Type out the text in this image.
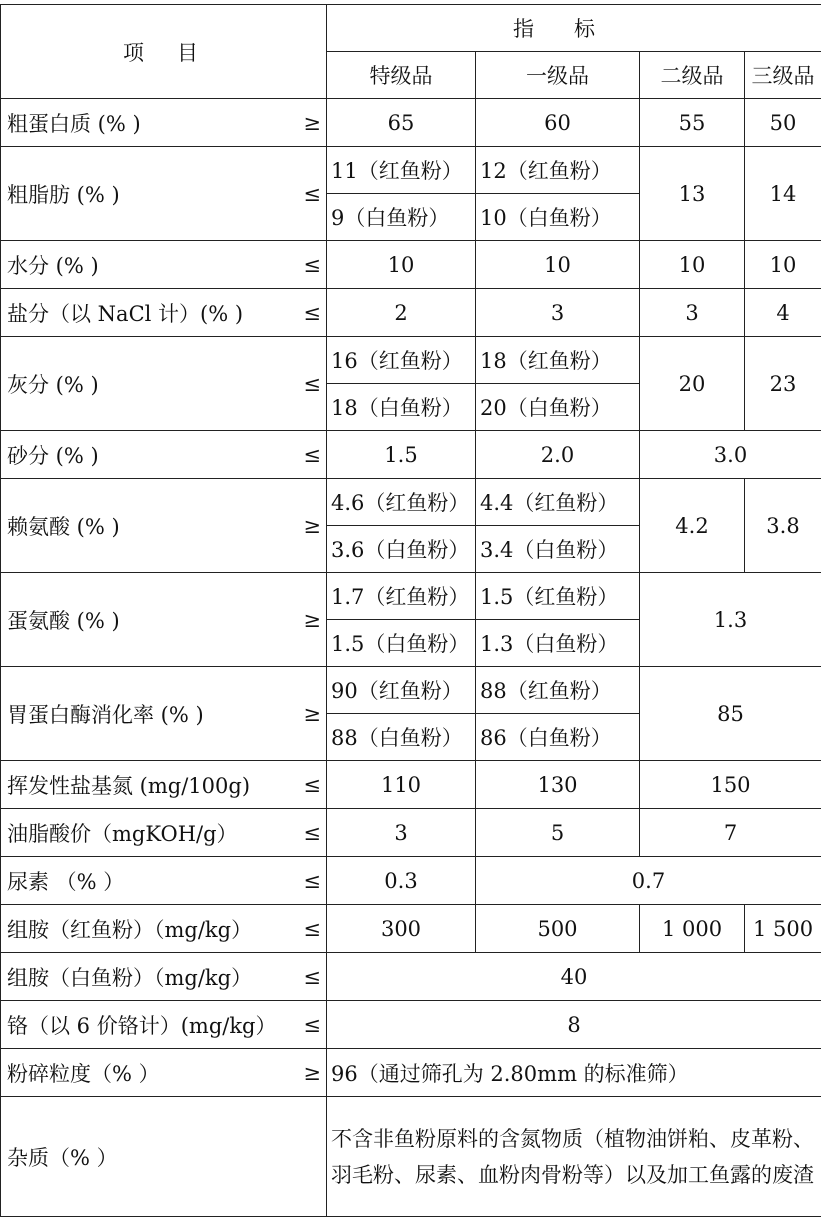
项　目		指标			
		特级品	一级品	二级品	三级品
粗蛋白质 (% )	≥	65	60	55	50
粗脂肪 (% )	≤	11（红鱼粉）	12（红鱼粉）	13	14
		9（白鱼粉）	10（白鱼粉）		
水分 (% )	≤	10	10	10	10
盐分（以 NaCl 计）(% )	≤	2	3	3	4
灰分 (% )	≤	16（红鱼粉）	18（红鱼粉）	20	23
		18（白鱼粉）	20（白鱼粉）		
砂分 (% )	≤	1.5	2.0	3.0	
赖氨酸 (% )	≥	4.6（红鱼粉）	4.4（红鱼粉）	4.2	3.8
		3.6（白鱼粉）	3.4（白鱼粉）		
蛋氨酸 (% )	≥	1.7（红鱼粉）	1.5（红鱼粉）	1.3	
		1.5（白鱼粉）	1.3（白鱼粉）		
胃蛋白酶消化率 (% )	≥	90（红鱼粉）	88（红鱼粉）	85	
		88（白鱼粉）	86（白鱼粉）		
挥发性盐基氮 (mg/100g)	≤	110	130	150	
油脂酸价（mgKOH/g）	≤	3	5	7	
尿素 （% ）	≤	0.3	0.7		
组胺（红鱼粉）（mg/kg）	≤	300	500	1 000	1 500
组胺（白鱼粉）（mg/kg）	≤	40			
铬（以 6 价铬计）(mg/kg）	≤	8			
粉碎粒度（% ）	≥	96（通过筛孔为 2.80mm 的标准筛）			
杂质（% ）		不含非鱼粉原料的含氮物质（植物油饼粕、皮革粉、羽毛粉、尿素、血粉肉骨粉等）以及加工鱼露的废渣			
